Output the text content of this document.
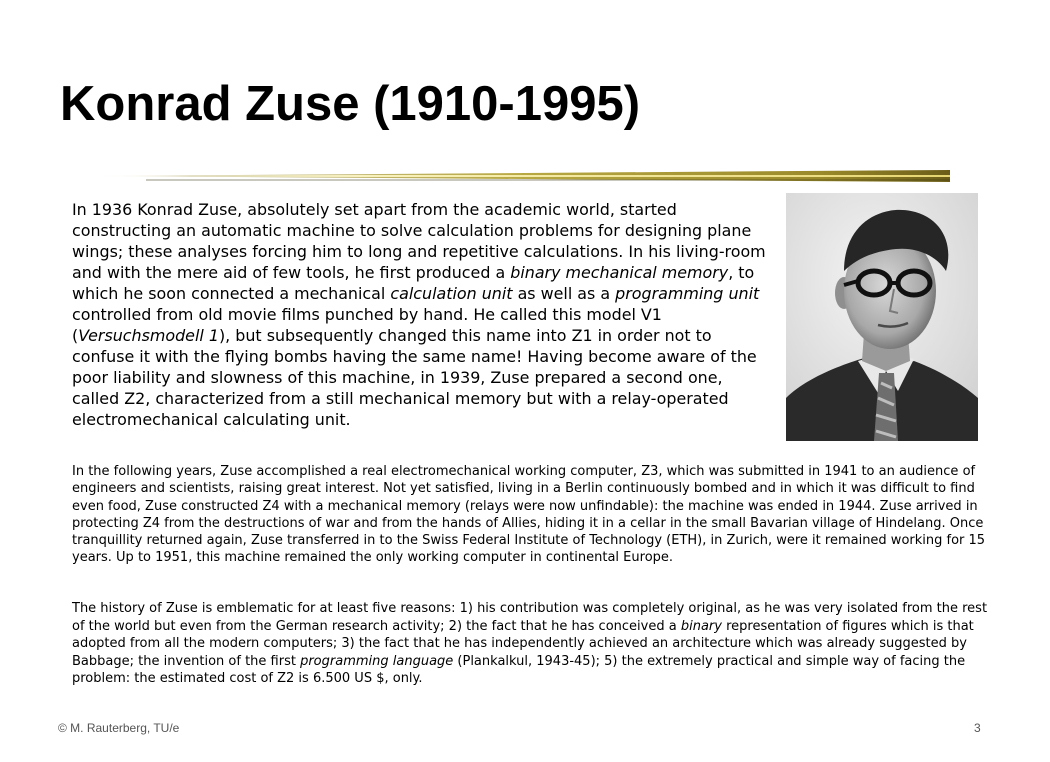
Konrad Zuse (1910-1995)

In 1936 Konrad Zuse, absolutely set apart from the academic world, started constructing an automatic machine to solve calculation problems for designing plane wings; these analyses forcing him to long and repetitive calculations. In his living-room and with the mere aid of few tools, he first produced a binary mechanical memory, to which he soon connected a mechanical calculation unit as well as a programming unit controlled from old movie films punched by hand. He called this model V1 (Versuchsmodell 1), but subsequently changed this name into Z1 in order not to confuse it with the flying bombs having the same name! Having become aware of the poor liability and slowness of this machine, in 1939, Zuse prepared a second one, called Z2, characterized from a still mechanical memory but with a relay-operated electromechanical calculating unit.

In the following years, Zuse accomplished a real electromechanical working computer, Z3, which was submitted in 1941 to an audience of engineers and scientists, raising great interest. Not yet satisfied, living in a Berlin continuously bombed and in which it was difficult to find even food, Zuse constructed Z4 with a mechanical memory (relays were now unfindable): the machine was ended in 1944. Zuse arrived in protecting Z4 from the destructions of war and from the hands of Allies, hiding it in a cellar in the small Bavarian village of Hindelang. Once tranquillity returned again, Zuse transferred in to the Swiss Federal Institute of Technology (ETH), in Zurich, were it remained working for 15 years. Up to 1951, this machine remained the only working computer in continental Europe.

The history of Zuse is emblematic for at least five reasons: 1) his contribution was completely original, as he was very isolated from the rest of the world but even from the German research activity; 2) the fact that he has conceived a binary representation of figures which is that adopted from all the modern computers; 3) the fact that he has independently achieved an architecture which was already suggested by Babbage; the invention of the first programming language (Plankalkul, 1943-45); 5) the extremely practical and simple way of facing the problem: the estimated cost of Z2 is 6.500 US $, only.

© M. Rauterberg, TU/e	3
